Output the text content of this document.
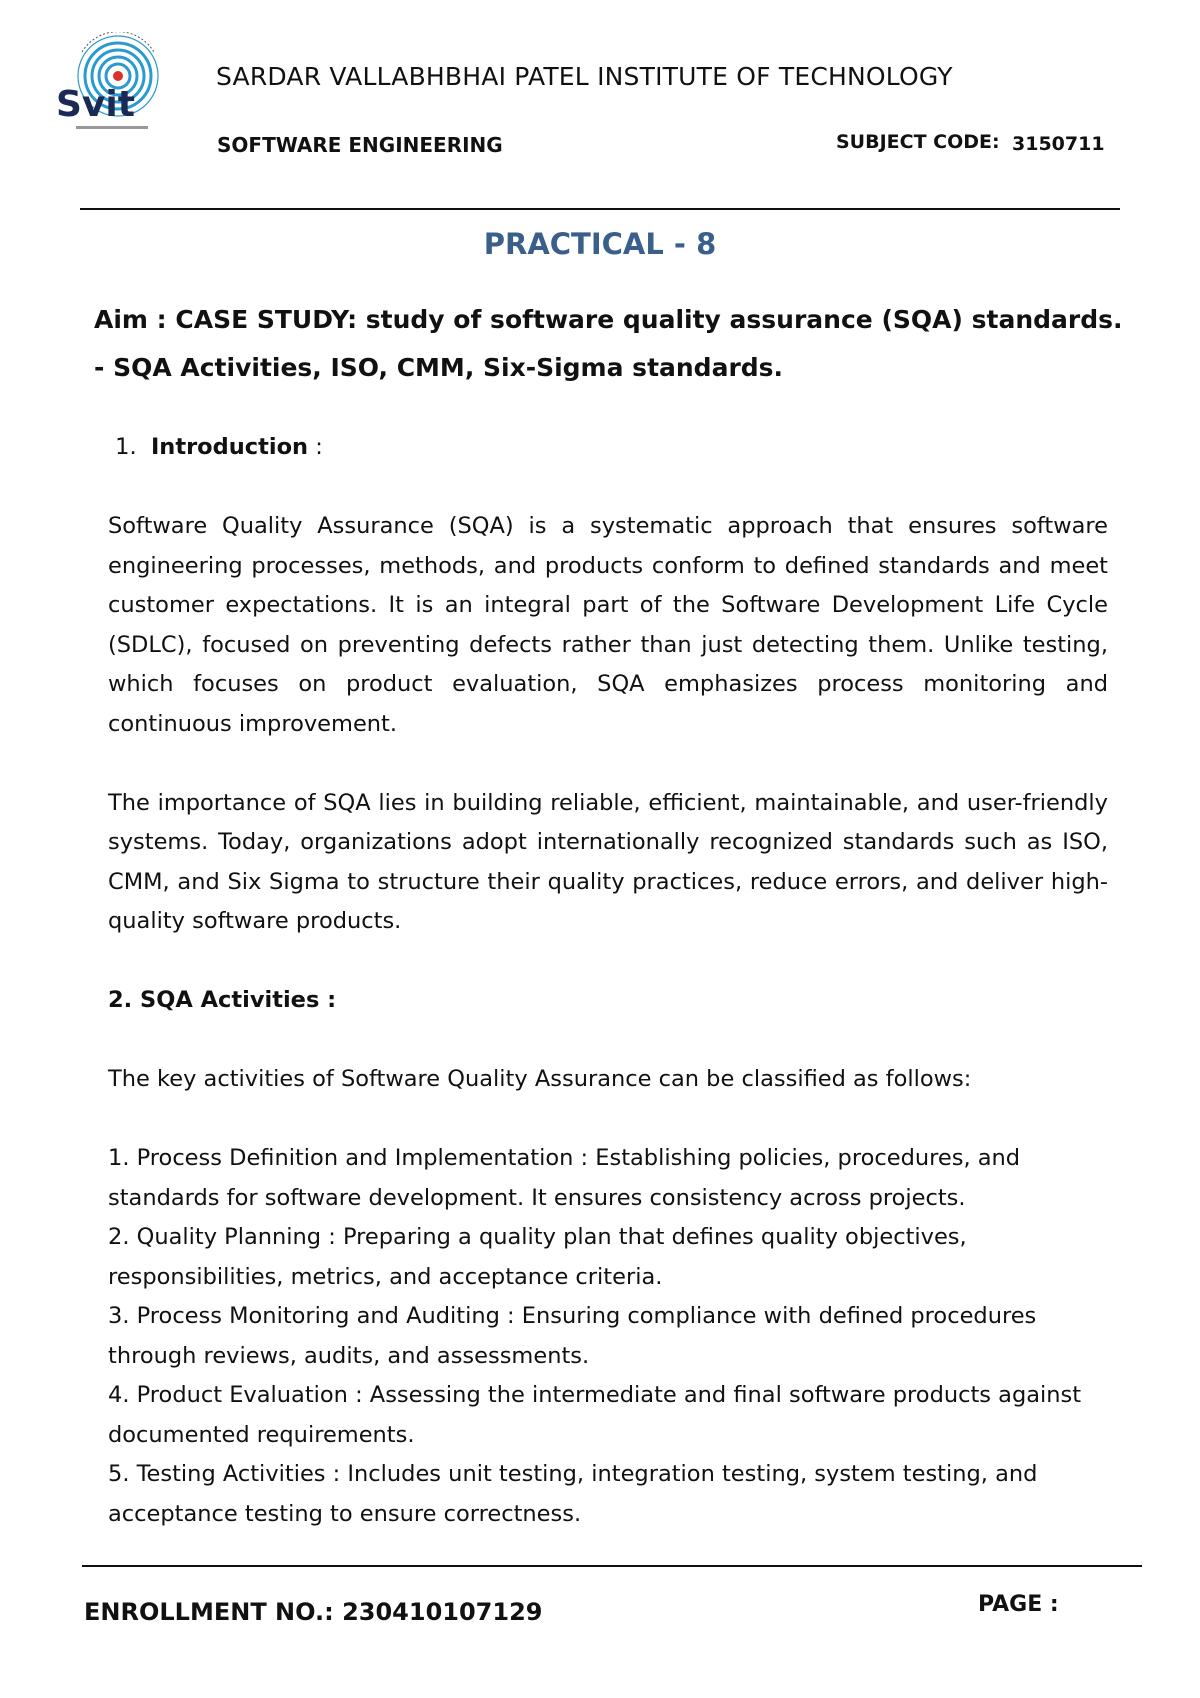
Svit
SARDAR VALLABHBHAI PATEL INSTITUTE OF TECHNOLOGY
SOFTWARE ENGINEERING	SUBJECT CODE: 3150711
PRACTICAL - 8
Aim : CASE STUDY: study of software quality assurance (SQA) standards.
- SQA Activities, ISO, CMM, Six-Sigma standards.

1. Introduction :

Software Quality Assurance (SQA) is a systematic approach that ensures software engineering processes, methods, and products conform to defined standards and meet customer expectations. It is an integral part of the Software Development Life Cycle (SDLC), focused on preventing defects rather than just detecting them. Unlike testing, which focuses on product evaluation, SQA emphasizes process monitoring and continuous improvement.

The importance of SQA lies in building reliable, efficient, maintainable, and user-friendly systems. Today, organizations adopt internationally recognized standards such as ISO, CMM, and Six Sigma to structure their quality practices, reduce errors, and deliver high-quality software products.

2. SQA Activities :

The key activities of Software Quality Assurance can be classified as follows:

1. Process Definition and Implementation : Establishing policies, procedures, and standards for software development. It ensures consistency across projects.

2. Quality Planning : Preparing a quality plan that defines quality objectives, responsibilities, metrics, and acceptance criteria.

3. Process Monitoring and Auditing : Ensuring compliance with defined procedures through reviews, audits, and assessments.

4. Product Evaluation : Assessing the intermediate and final software products against documented requirements.

5. Testing Activities : Includes unit testing, integration testing, system testing, and acceptance testing to ensure correctness.

ENROLLMENT NO.: 230410107129	PAGE :
